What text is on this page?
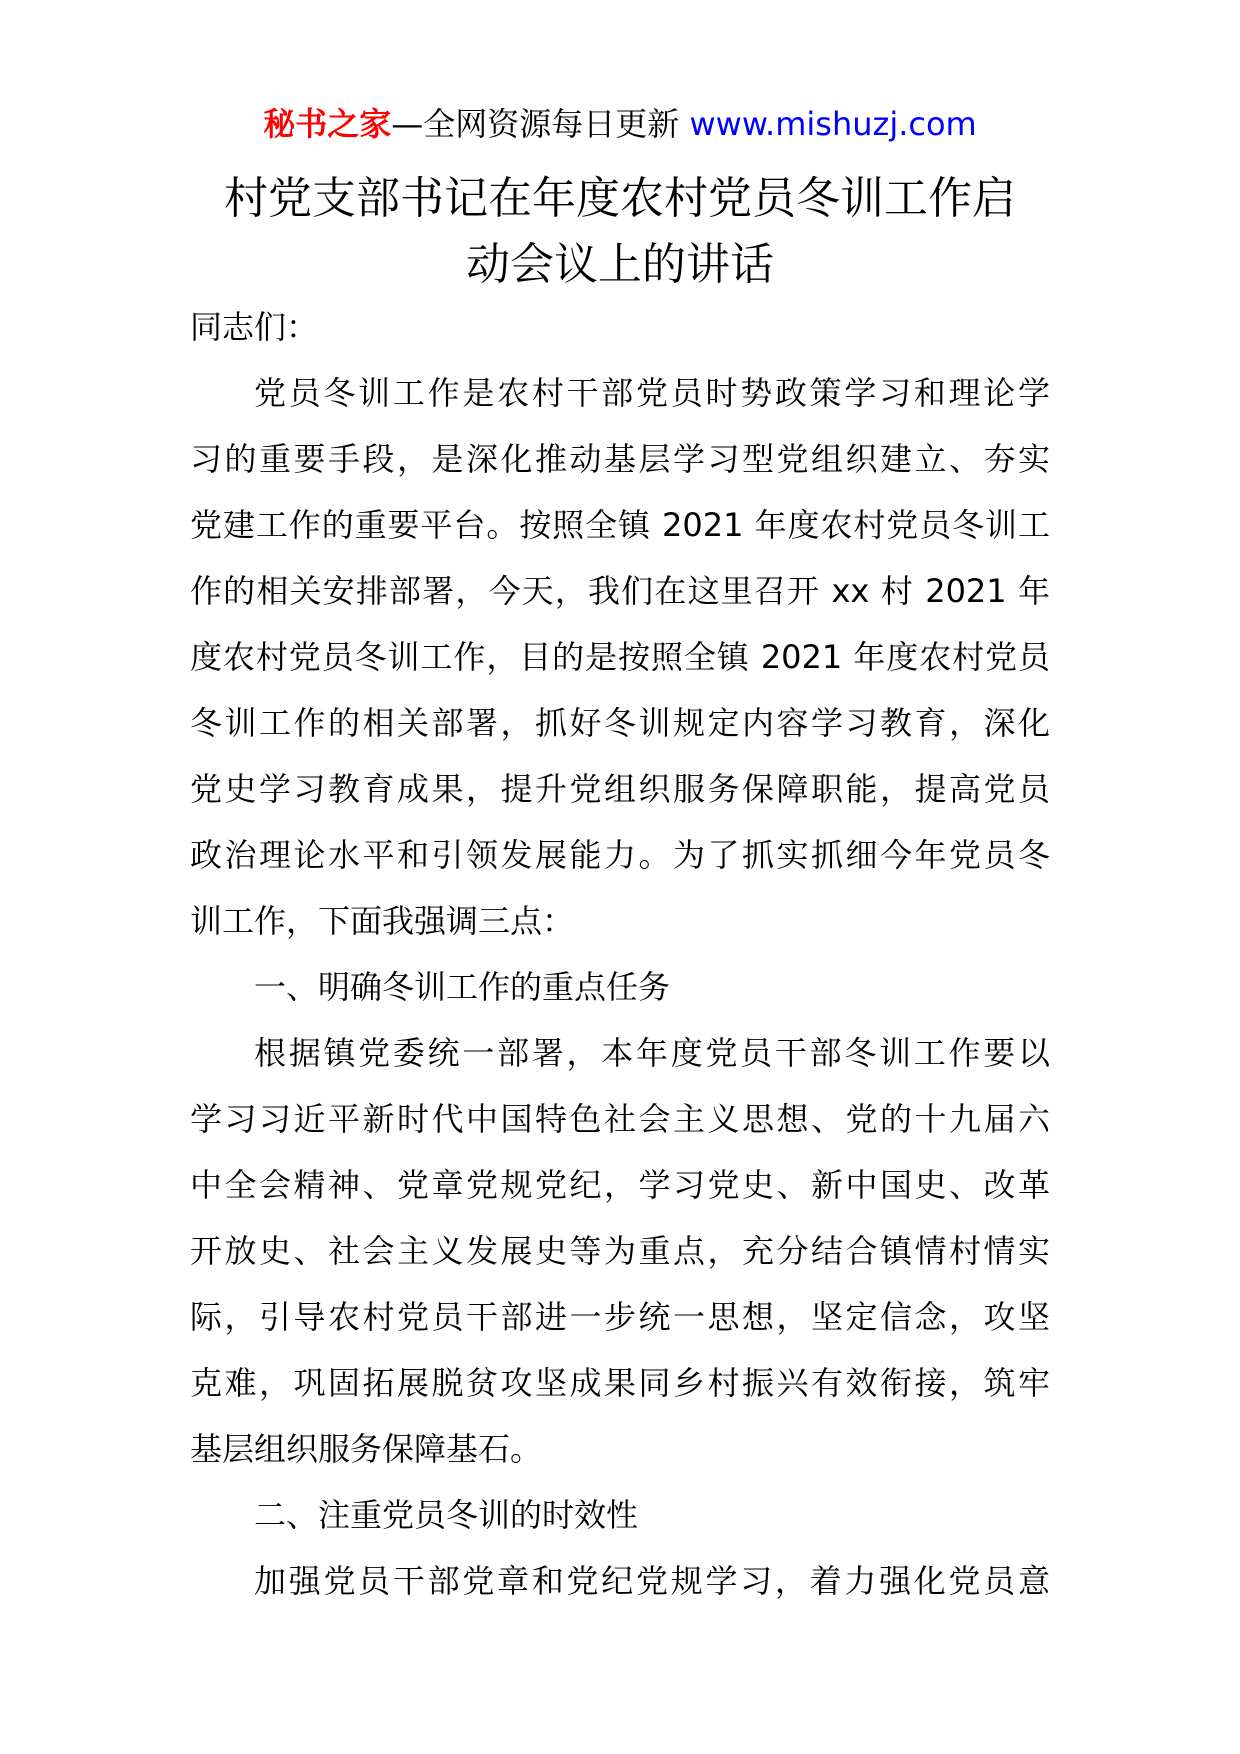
秘书之家—全网资源每日更新 www.mishuzj.com
村党支部书记在年度农村党员冬训工作启
动会议上的讲话
同志们：
党员冬训工作是农村干部党员时势政策学习和理论学
习的重要手段，是深化推动基层学习型党组织建立、夯实
党建工作的重要平台。按照全镇 2021 年度农村党员冬训工
作的相关安排部署，今天，我们在这里召开 xx 村 2021 年
度农村党员冬训工作，目的是按照全镇 2021 年度农村党员
冬训工作的相关部署，抓好冬训规定内容学习教育，深化
党史学习教育成果，提升党组织服务保障职能，提高党员
政治理论水平和引领发展能力。为了抓实抓细今年党员冬
训工作，下面我强调三点：
一、明确冬训工作的重点任务
根据镇党委统一部署，本年度党员干部冬训工作要以
学习习近平新时代中国特色社会主义思想、党的十九届六
中全会精神、党章党规党纪，学习党史、新中国史、改革
开放史、社会主义发展史等为重点，充分结合镇情村情实
际，引导农村党员干部进一步统一思想，坚定信念，攻坚
克难，巩固拓展脱贫攻坚成果同乡村振兴有效衔接，筑牢
基层组织服务保障基石。
二、注重党员冬训的时效性
加强党员干部党章和党纪党规学习，着力强化党员意
